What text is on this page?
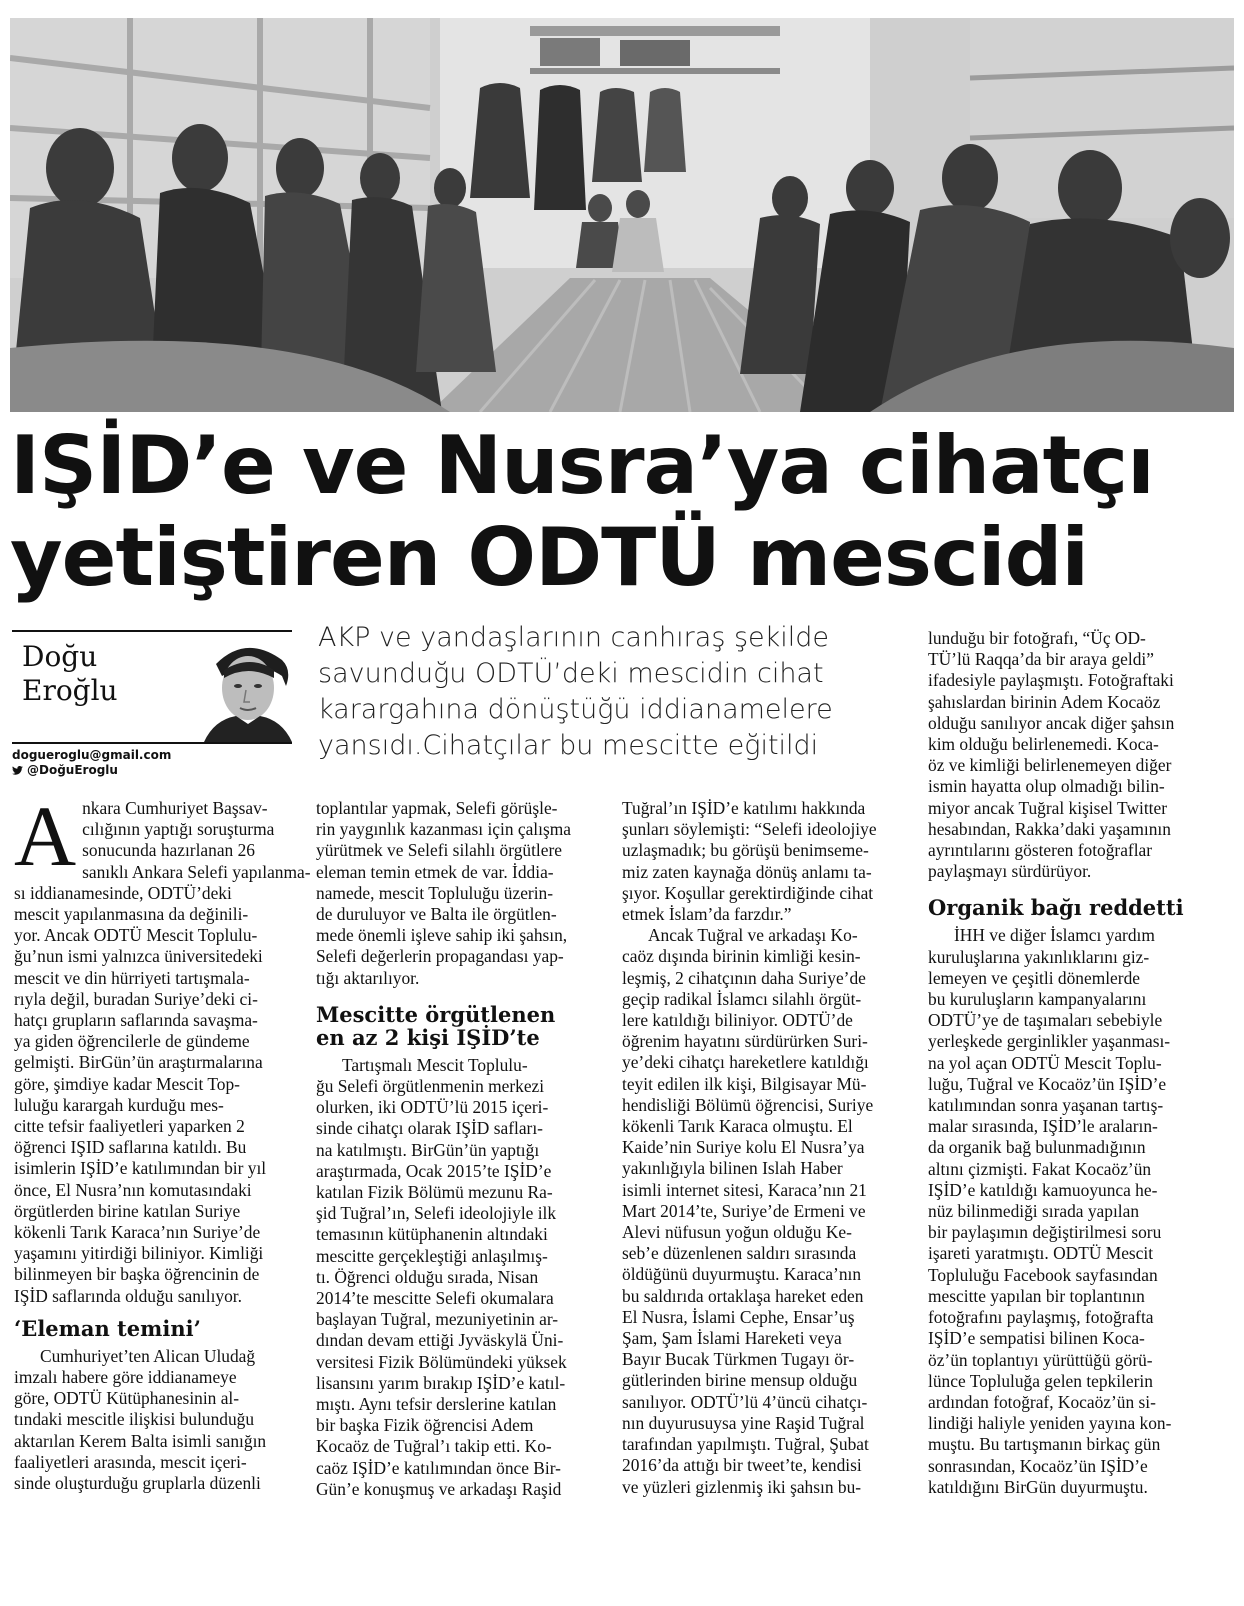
IŞİD’e ve Nusra’ya cihatçı
yetiştiren ODTÜ mescidi
Doğu
Eroğlu
dogueroglu@gmail.com
@DoğuEroglu
AKP ve yandaşlarının canhıraş şekilde
savunduğu ODTÜ’deki mescidin cihat
karargahına dönüştüğü iddianamelere
yansıdı.Cihatçılar bu mescitte eğitildi
A nkara Cumhuriyet Başsav-
cılığının yaptığı soruşturma
sonucunda hazırlanan 26
sanıklı Ankara Selefi yapılanma-
sı iddianamesinde, ODTÜ’deki
mescit yapılanmasına da değinili-
yor. Ancak ODTÜ Mescit Toplulu-
ğu’nun ismi yalnızca üniversitedeki
mescit ve din hürriyeti tartışmala-
rıyla değil, buradan Suriye’deki ci-
hatçı grupların saflarında savaşma-
ya giden öğrencilerle de gündeme
gelmişti. BirGün’ün araştırmalarına
göre, şimdiye kadar Mescit Top-
luluğu karargah kurduğu mes-
citte tefsir faaliyetleri yaparken 2
öğrenci IŞID saflarına katıldı. Bu
isimlerin IŞİD’e katılımından bir yıl
önce, El Nusra’nın komutasındaki
örgütlerden birine katılan Suriye
kökenli Tarık Karaca’nın Suriye’de
yaşamını yitirdiği biliniyor. Kimliği
bilinmeyen bir başka öğrencinin de
IŞİD saflarında olduğu sanılıyor.
‘Eleman temini’
Cumhuriyet’ten Alican Uludağ
imzalı habere göre iddianameye
göre, ODTÜ Kütüphanesinin al-
tındaki mescitle ilişkisi bulunduğu
aktarılan Kerem Balta isimli sanığın
faaliyetleri arasında, mescit içeri-
sinde oluşturduğu gruplarla düzenli
toplantılar yapmak, Selefi görüşle-
rin yaygınlık kazanması için çalışma
yürütmek ve Selefi silahlı örgütlere
eleman temin etmek de var. İddia-
namede, mescit Topluluğu üzerin-
de duruluyor ve Balta ile örgütlen-
mede önemli işleve sahip iki şahsın,
Selefi değerlerin propagandası yap-
tığı aktarılıyor.
Mescitte örgütlenen
en az 2 kişi IŞİD’te
Tartışmalı Mescit Toplulu-
ğu Selefi örgütlenmenin merkezi
olurken, iki ODTÜ’lü 2015 içeri-
sinde cihatçı olarak IŞİD safları-
na katılmıştı. BirGün’ün yaptığı
araştırmada, Ocak 2015’te IŞİD’e
katılan Fizik Bölümü mezunu Ra-
şid Tuğral’ın, Selefi ideolojiyle ilk
temasının kütüphanenin altındaki
mescitte gerçekleştiği anlaşılmış-
tı. Öğrenci olduğu sırada, Nisan
2014’te mescitte Selefi okumalara
başlayan Tuğral, mezuniyetinin ar-
dından devam ettiği Jyväskylä Üni-
versitesi Fizik Bölümündeki yüksek
lisansını yarım bırakıp IŞİD’e katıl-
mıştı. Aynı tefsir derslerine katılan
bir başka Fizik öğrencisi Adem
Kocaöz de Tuğral’ı takip etti. Ko-
caöz IŞİD’e katılımından önce Bir-
Gün’e konuşmuş ve arkadaşı Raşid
Tuğral’ın IŞİD’e katılımı hakkında
şunları söylemişti: “Selefi ideolojiye
uzlaşmadık; bu görüşü benimseme-
miz zaten kaynağa dönüş anlamı ta-
şıyor. Koşullar gerektirdiğinde cihat
etmek İslam’da farzdır.”
Ancak Tuğral ve arkadaşı Ko-
caöz dışında birinin kimliği kesin-
leşmiş, 2 cihatçının daha Suriye’de
geçip radikal İslamcı silahlı örgüt-
lere katıldığı biliniyor. ODTÜ’de
öğrenim hayatını sürdürürken Suri-
ye’deki cihatçı hareketlere katıldığı
teyit edilen ilk kişi, Bilgisayar Mü-
hendisliği Bölümü öğrencisi, Suriye
kökenli Tarık Karaca olmuştu. El
Kaide’nin Suriye kolu El Nusra’ya
yakınlığıyla bilinen Islah Haber
isimli internet sitesi, Karaca’nın 21
Mart 2014’te, Suriye’de Ermeni ve
Alevi nüfusun yoğun olduğu Ke-
seb’e düzenlenen saldırı sırasında
öldüğünü duyurmuştu. Karaca’nın
bu saldırıda ortaklaşa hareket eden
El Nusra, İslami Cephe, Ensar’uş
Şam, Şam İslami Hareketi veya
Bayır Bucak Türkmen Tugayı ör-
gütlerinden birine mensup olduğu
sanılıyor. ODTÜ’lü 4’üncü cihatçı-
nın duyurusuysa yine Raşid Tuğral
tarafından yapılmıştı. Tuğral, Şubat
2016’da attığı bir tweet’te, kendisi
ve yüzleri gizlenmiş iki şahsın bu-
lunduğu bir fotoğrafı, “Üç OD-
TÜ’lü Raqqa’da bir araya geldi”
ifadesiyle paylaşmıştı. Fotoğraftaki
şahıslardan birinin Adem Kocaöz
olduğu sanılıyor ancak diğer şahsın
kim olduğu belirlenemedi. Koca-
öz ve kimliği belirlenemeyen diğer
ismin hayatta olup olmadığı bilin-
miyor ancak Tuğral kişisel Twitter
hesabından, Rakka’daki yaşamının
ayrıntılarını gösteren fotoğraflar
paylaşmayı sürdürüyor.
Organik bağı reddetti
İHH ve diğer İslamcı yardım
kuruluşlarına yakınlıklarını giz-
lemeyen ve çeşitli dönemlerde
bu kuruluşların kampanyalarını
ODTÜ’ye de taşımaları sebebiyle
yerleşkede gerginlikler yaşanması-
na yol açan ODTÜ Mescit Toplu-
luğu, Tuğral ve Kocaöz’ün IŞİD’e
katılımından sonra yaşanan tartış-
malar sırasında, IŞİD’le araların-
da organik bağ bulunmadığının
altını çizmişti. Fakat Kocaöz’ün
IŞİD’e katıldığı kamuoyunca he-
nüz bilinmediği sırada yapılan
bir paylaşımın değiştirilmesi soru
işareti yaratmıştı. ODTÜ Mescit
Topluluğu Facebook sayfasından
mescitte yapılan bir toplantının
fotoğrafını paylaşmış, fotoğrafta
IŞİD’e sempatisi bilinen Koca-
öz’ün toplantıyı yürüttüğü görü-
lünce Topluluğa gelen tepkilerin
ardından fotoğraf, Kocaöz’ün si-
lindiği haliyle yeniden yayına kon-
muştu. Bu tartışmanın birkaç gün
sonrasından, Kocaöz’ün IŞİD’e
katıldığını BirGün duyurmuştu.
